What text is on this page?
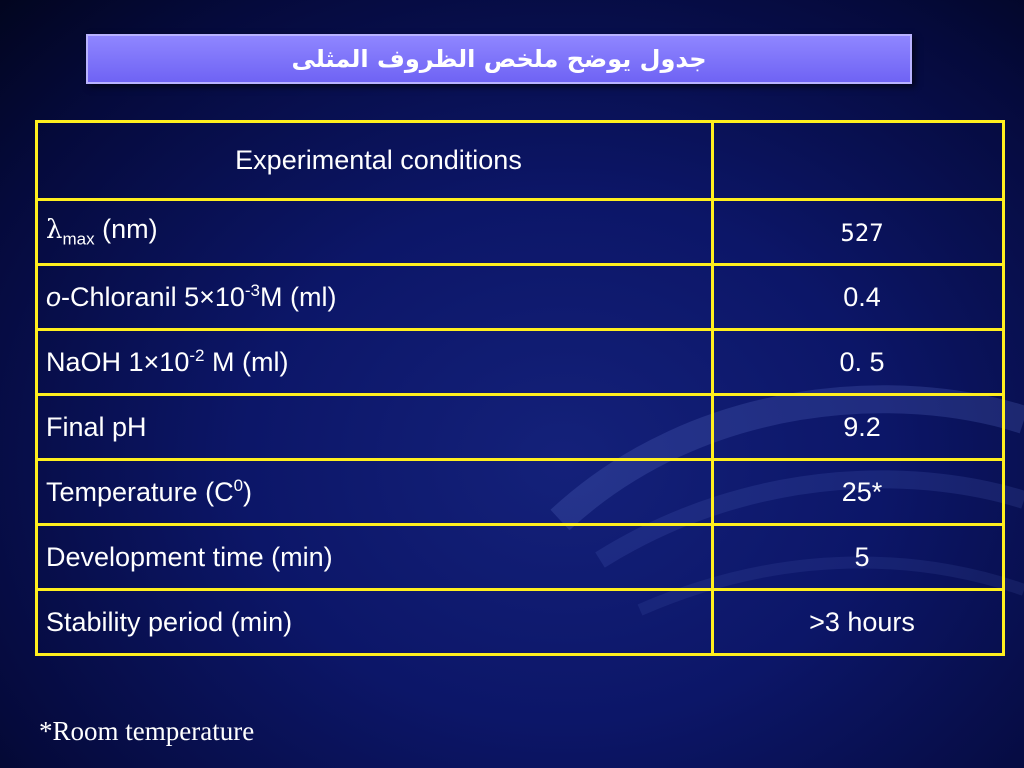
جدول يوضح ملخص الظروف المثلى
Experimental conditions	
$\lambda_{max}$ (nm)	527
o-Chloranil $5\times 10^{-3}M$ (ml)	0.4
NaOH $1\times 10^{-2}$ M (ml)	0. 5
Final pH	9.2
Temperature $(C^0)$	25*
Development time (min)	5
Stability period (min)	>3 hours
*Room temperature
